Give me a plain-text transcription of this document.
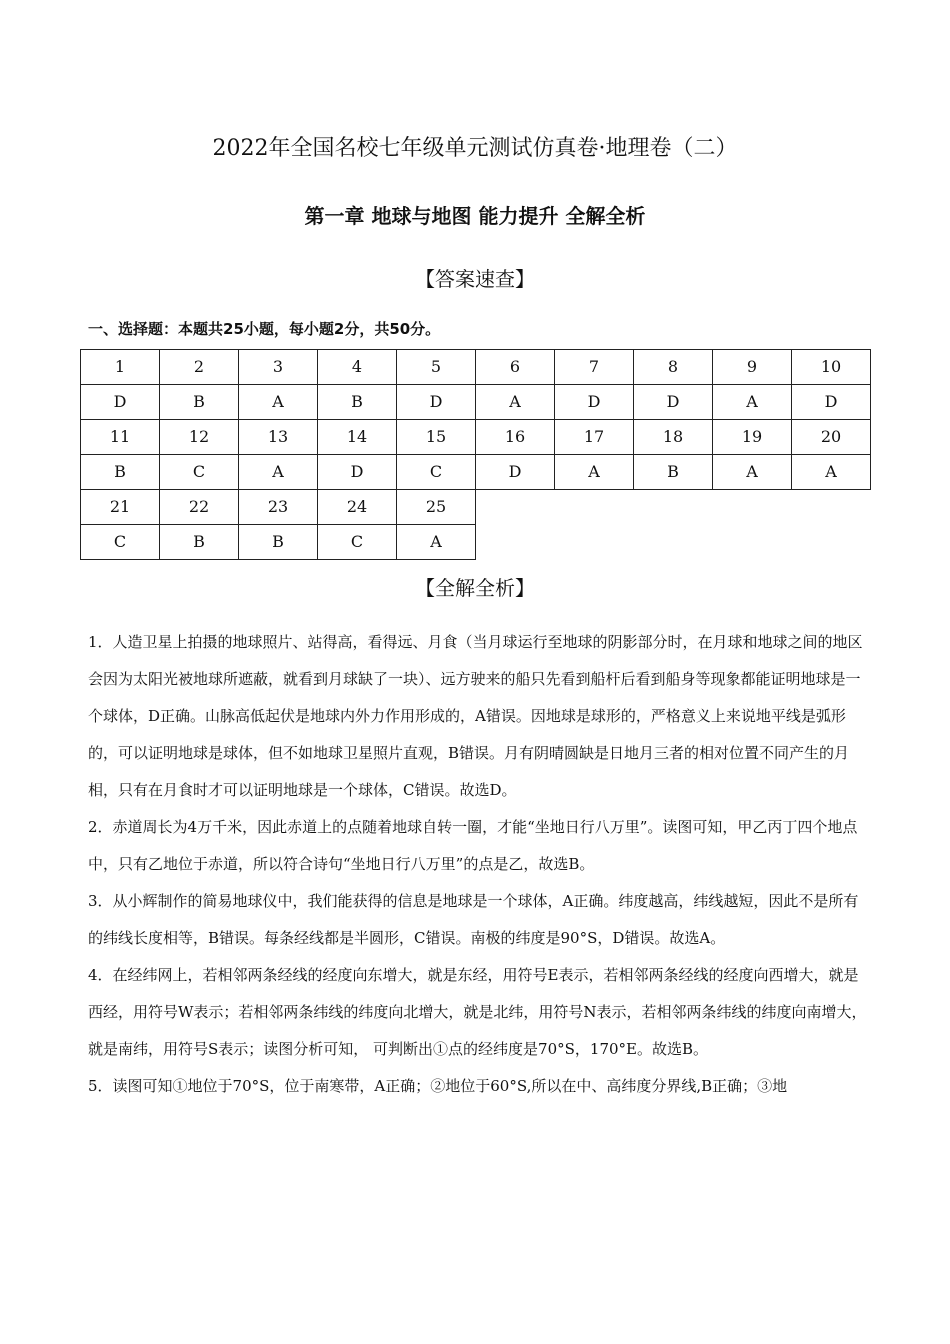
2022年全国名校七年级单元测试仿真卷·地理卷（二）
第一章 地球与地图 能力提升 全解全析
【答案速查】
一、选择题：本题共25小题，每小题2分，共50分。
1	2	3	4	5	6	7	8	9	10
D	B	A	B	D	A	D	D	A	D
11	12	13	14	15	16	17	18	19	20
B	C	A	D	C	D	A	B	A	A
21	22	23	24	25					
C	B	B	C	A					
【全解全析】

1．人造卫星上拍摄的地球照片、站得高，看得远、月食（当月球运行至地球的阴影部分时，在月球和地球之间的地区会因为太阳光被地球所遮蔽，就看到月球缺了一块）、远方驶来的船只先看到船杆后看到船身等现象都能证明地球是一个球体，D正确。山脉高低起伏是地球内外力作用形成的，A错误。因地球是球形的，严格意义上来说地平线是弧形的，可以证明地球是球体，但不如地球卫星照片直观，B错误。月有阴晴圆缺是日地月三者的相对位置不同产生的月相，只有在月食时才可以证明地球是一个球体，C错误。故选D。

2．赤道周长为4万千米，因此赤道上的点随着地球自转一圈，才能“坐地日行八万里”。读图可知，甲乙丙丁四个地点中，只有乙地位于赤道，所以符合诗句“坐地日行八万里”的点是乙，故选B。

3．从小辉制作的简易地球仪中，我们能获得的信息是地球是一个球体，A正确。纬度越高，纬线越短，因此不是所有的纬线长度相等，B错误。每条经线都是半圆形，C错误。南极的纬度是90°S，D错误。故选A。

4．在经纬网上，若相邻两条经线的经度向东增大，就是东经，用符号E表示，若相邻两条经线的经度向西增大，就是西经，用符号W表示；若相邻两条纬线的纬度向北增大，就是北纬，用符号N表示，若相邻两条纬线的纬度向南增大，就是南纬，用符号S表示；读图分析可知， 可判断出①点的经纬度是70°S，170°E。故选B。

5．读图可知①地位于70°S，位于南寒带，A正确；②地位于60°S,所以在中、高纬度分界线,B正确；③地
